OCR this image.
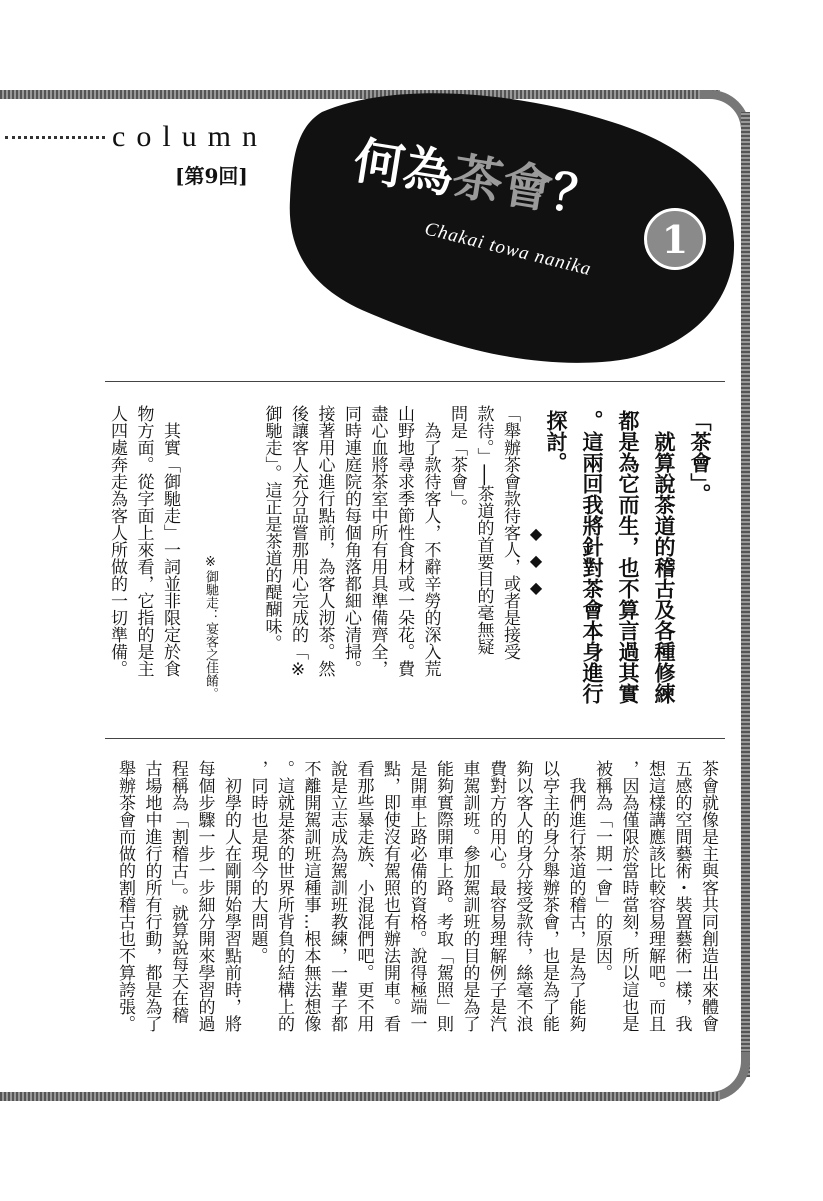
column
[第9回] 何為茶會？
1
Chakai towa nanika
「茶會」。
　就算說茶道的稽古及各種修練
都是為它而生，也不算言過其實
。這兩回我將針對茶會本身進行
探討。
◆
◆
◆
「舉辦茶會款待客人，或者是接受
款待。」──茶道的首要目的毫無疑
問是「茶會」。
　為了款待客人，不辭辛勞的深入荒
山野地尋求季節性食材或一朵花。費
盡心血將茶室中所有用具準備齊全，
同時連庭院的每個角落都細心清掃。
接著用心進行點前，為客人沏茶。然
後讓客人充分品嘗那用心完成的「※
御馳走」。這正是茶道的醍醐味。
※御馳走：宴客之佳餚。
　其實「御馳走」一詞並非限定於食
物方面。從字面上來看，它指的是主
人四處奔走為客人所做的一切準備。
茶會就像是主與客共同創造出來體會
五感的空間藝術・裝置藝術一樣，我
想這樣講應該比較容易理解吧。而且
，因為僅限於當時當刻，所以這也是
被稱為「一期一會」的原因。
　我們進行茶道的稽古，是為了能夠
以亭主的身分舉辦茶會，也是為了能
夠以客人的身分接受款待，絲毫不浪
費對方的用心。最容易理解例子是汽
車駕訓班。參加駕訓班的目的是為了
能夠實際開車上路。考取「駕照」則
是開車上路必備的資格。說得極端一
點，即使沒有駕照也有辦法開車。看
看那些暴走族、小混混們吧。更不用
說是立志成為駕訓班教練，一輩子都
不離開駕訓班這種事…根本無法想像
。這就是茶的世界所背負的結構上的
，同時也是現今的大問題。
　初學的人在剛開始學習點前時，將
每個步驟一步一步細分開來學習的過
程稱為「割稽古」。就算說每天在稽
古場地中進行的所有行動，都是為了
舉辦茶會而做的割稽古也不算誇張。
